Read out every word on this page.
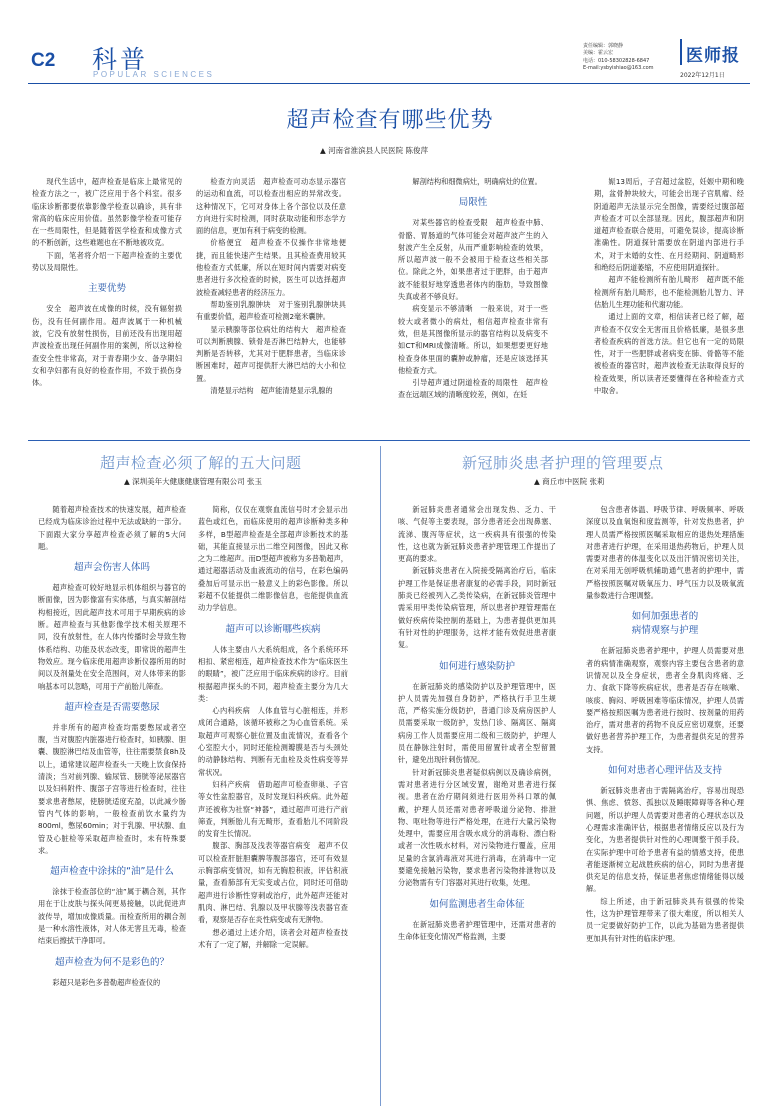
C2 科普
POPULAR SCIENCES
责任编辑：郭晓静
美编：霍云宏
电话：010-58302828-6847
E-mail:ysbyishiao@163.com
医师报
2022年12月1日
超声检查有哪些优势
▲ 河南省淮滨县人民医院 陈俊萍

现代生活中，超声检查是临床上最常见的检查方法之一，被广泛应用于各个科室。很多临床诊断都要依靠影像学检查以确诊，具有非常高的临床应用价值。虽然影像学检查可能存在一些局限性，但是随着医学检查和成像方式的不断创新，这些难题也在不断地被攻克。

下面，笔者将介绍一下超声检查的主要优势以及局限性。

主要优势

安全　超声波在成像的时候，没有辐射损伤，没有任何副作用。超声波属于一种机械波，它没有放射性损伤，目前还没有出现用超声波检查出现任何副作用的案例，所以这种检查安全性非常高，对于青春期少女、备孕期妇女和孕妇都有良好的检查作用，不致于损伤身体。

检查方向灵活　超声检查可动态显示器官的运动和血流，可以检查出相应的异常改变。这种情况下，它可对身体上各个部位以及任意方向进行实时检测，同时获取动能和形态学方面的信息，更加有利于病变的检测。

价格便宜　超声检查不仅操作非常地便捷，而且能快速产生结果。且其检查费用较其他检查方式低廉，所以在短时间内需要对病变患者进行多次检查的时候，医生可以选择超声波检查减轻患者的经济压力。

帮助鉴别乳腺肿块　对于鉴别乳腺肿块具有重要价值，超声检查可检测2毫米囊肿。

显示胰腺等部位病灶的结构大　超声检查可以判断胰腺、锁骨是否淋巴结肿大，也能够判断是否转移，尤其对于肥胖患者，当临床诊断困难时，超声可提供肝大淋巴结的大小和位置。

清楚显示结构　超声能清楚显示乳腺的

解剖结构和细微病灶，明确病灶的位置。

局限性

对某些器官的检查受限　超声检查中肺、骨骼、胃肠道的气体可能会对超声波产生的入射波产生全反射，从而严重影响检查的效果，所以超声波一般不会被用于检查这些相关部位。除此之外，如果患者过于肥胖，由于超声波不能很好地穿透患者体内的脂肪，导致图像失真或者不够良好。

病变显示不够清晰　一般来说，对于一些较大或者微小的病灶，相信超声检查非常有效，但是其图像所显示的器官结构以及病变不如CT和MRI成像清晰。所以，如果想要更好地检查身体里面的囊肿或肿瘤，还是应该选择其他检查方式。

引导超声通过阴道检查的局限性　超声检查在远端区域的清晰度较差，例如，在妊

娠13周后，子宫超过盆腔，妊娠中期和晚期，盆骨肿块较大，可能会出现子宫肌瘤、经阴道超声无法显示完全图像，需要经过腹部超声检查才可以全部显现。因此，腹部超声和阴道超声检查联合使用，可避免误诊，提高诊断准确性。阴道探针需要放在阴道内部进行手术，对于未婚的女性、在月经期间、阴道畸形和绝经后阴道萎缩，不应使用阴道探针。

超声不能检测所有胎儿畸形　超声既不能检测所有胎儿畸形，也不能检测胎儿智力、评估胎儿生理功能和代谢功能。

通过上面的文章，相信读者已经了解，超声检查不仅安全无害而且价格低廉，是很多患者检查疾病的首选方法。但它也有一定的局限性，对于一些肥胖或者病变在肺、骨骼等不能被检查的器官时，超声波检查无法取得良好的检查效果，所以读者还要懂得在各种检查方式中取舍。

超声检查必须了解的五大问题
▲ 深圳美年大健康健康管理有限公司 张玉

随着超声检查技术的快速发展，超声检查已经成为临床诊治过程中无法或缺的一部分。下面跟大家分享超声检查必须了解的5大问题。

超声会伤害人体吗

超声检查可较好地显示机体组织与器官的断面像，因为影像富有实体感，与真实解剖结构相接近，因此超声技术可用于早期疾病的诊断。超声检查与其他影像学技术相关原理不同，没有放射性，在人体内传播时会导致生物体系结构、功能及状态改变，即常说的超声生物效应。现今临床使用超声诊断仪器所用的时间以及剂量处在安全范围间，对人体带来的影响基本可以忽略，可用于产前胎儿筛查。

超声检查是否需要憋尿

并非所有的超声检查均需要憋尿或者空腹，当对腹腔内脏器进行检查时，如胰腺、胆囊、腹腔淋巴结及血管等，往往需要禁食8h及以上，通常建议超声检查头一天晚上饮食保持清淡；当对前列腺、输尿管、膀胱等泌尿器官以及妇科附件、腹部子宫等进行检查时，往往要求患者憋尿，使膀胱适度充盈，以此减少肠管内气体的影响，一般检查前饮水量约为800ml，憋尿60min；对于乳腺、甲状腺、血管及心脏检等采取超声检查时，未有特殊要求。

超声检查中涂抹的“油”是什么

涂抹于检查部位的“油”属于耦合剂，其作用在于让皮肤与探头间更易接触，以此促进声波传导，增加成像质量。而检查所用的耦合剂是一种水溶性液体，对人体无害且无毒，检查结束后擦拭干净即可。

超声检查为何不是彩色的？

彩超只是彩色多普勒超声检查仪的

简称，仅仅在观察血流信号时才会显示出蓝色或红色，而临床使用的超声诊断种类多种多样，B型超声检查是全部超声诊断技术的基础，其能直接显示出二维空间图像，因此又称之为二维超声。而D型超声被称为多普勒超声，通过超器活动及血液流动的信号，在彩色编码叠加后可显示出一般意义上的彩色影像。所以彩超不仅能提供二维影像信息，也能提供血流动力学信息。

超声可以诊断哪些疾病

人体主要由八大系统组成，各个系统环环相扣、紧密相连，超声检查技术作为“临床医生的眼睛”，被广泛应用于临床疾病的诊疗。目前根据超声探头的不同，超声检查主要分为几大类：

心内科疾病　人体血管与心脏相连，并形成闭合通路，该循环被称之为心血管系统。采取超声可观察心脏位置及血流情况，查看各个心室腔大小，同时还能检测瓣膜是否与头颈处的动静脉结构、判断有无血栓及炎性病变等异常状况。

妇科产疾病　借助超声可检查卵巢、子宫等女性盆腔器官，及时发现妇科疾病。此外超声还被称为社察“神器”，通过超声可进行产前筛查，判断胎儿有无畸形，查看胎儿不同阶段的发育生长情况。

腹部、胸部及浅表等器官病变　超声不仅可以检查肝脏胆囊脾等腹部器官，还可有效显示胸部病变情况，如有无胸腔积液，评估积液量，查看肺部有无实变或占位，同时还可借助超声进行诊断性穿刺或治疗，此外超声还能对肌肉、淋巴结、乳腺以及甲状腺等浅表器官查看，观察是否存在炎性病变或有无肿物。

想必通过上述介绍，读者会对超声检查技术有了一定了解，并解除一定误解。

新冠肺炎患者护理的管理要点
▲ 商丘市中医院 张莉

新冠肺炎患者通常会出现发热、乏力、干咳、气促等主要表现，部分患者还会出现鼻塞、流涕、腹泻等症状，这一疾病具有很强的传染性，这也就为新冠肺炎患者护理管理工作提出了更高的要求。

新冠肺炎患者在入院接受隔离治疗后，临床护理工作是保证患者康复的必需手段，同时新冠肺炎已经被列入乙类传染病，在新冠肺炎管理中需采用甲类传染病管理，所以患者护理管理需在做好疾病传染控制的基础上，为患者提供更加具有针对性的护理服务，这样才能有效促进患者康复。

如何进行感染防护

在新冠肺炎的感染防护以及护理管理中，医护人员需先加强自身防护，严格执行手卫生规范，严格实施分级防护，普通门诊及病房医护人员需要采取一级防护，发热门诊、隔离区、隔离病房工作人员需要应用二级和三级防护，护理人员在静脉注射时，需使用留置针或者全型留置针，避免出现针刺伤情况。

针对新冠肺炎患者疑似病例以及确诊病例，需对患者进行分区域安置，谢绝对患者进行探视。患者在治疗期间须进行医用外科口罩的佩戴，护理人员还需对患者呼吸道分泌物、排泄物、呕吐物等进行严格处理，在进行大量污染物处理中，需要应用含吸水成分的消毒粉、漂白粉或者一次性吸水材料，对污染物进行覆盖，应用足量的含氯消毒液对其进行消毒，在消毒中一定要避免接触污染物，要求患者污染物排泄物以及分泌物需有专门容器对其进行收集，处理。

如何监测患者生命体征

在新冠肺炎患者护理管理中，还需对患者的生命体征变化情况严格监测，主要

包含患者体温、呼吸节律、呼吸频率、呼吸深度以及血氧饱和度监测等，针对发热患者，护理人员需严格按照医嘱采取相应的退热处理措施对患者进行护理，在采用退热药物后，护理人员需要对患者的体温变化以及出汗情况密切关注，在对采用无创呼吸机辅助通气患者的护理中，需严格按照医嘱对吸氧压力、呼气压力以及吸氧流量参数进行合理调整。

如何加强患者的
病情观察与护理

在新冠肺炎患者护理中，护理人员需要对患者的病情准确观察，观察内容主要包含患者的意识情况以及全身症状，患者全身肌肉疼痛、乏力、食欲下降等疾病症状，患者是否存在咳嗽、咳痰、胸闷、呼吸困难等临床情况，护理人员需要严格按照医嘱为患者进行按时、按剂量的用药治疗，需对患者的药物不良反应密切观察，还要做好患者营养护理工作，为患者提供充足的营养支持。

如何对患者心理评估及支持

新冠肺炎患者由于需隔离治疗，容易出现恐惧、焦虑、愤怒、孤独以及睡眠障碍等各种心理问题，所以护理人员需要对患者的心理状态以及心理需求准确评估，根据患者情绪反应以及行为变化，为患者提供针对性的心理调整干预手段。在实际护理中可给予患者有益的情感支持，使患者能逐渐树立起战胜疾病的信心，同时为患者提供充足的信息支持，保证患者焦虑情绪能得以缓解。

综上所述，由于新冠肺炎具有很强的传染性，这为护理管理带来了很大难度，所以相关人员一定要做好防护工作，以此为基础为患者提供更加具有针对性的临床护理。
